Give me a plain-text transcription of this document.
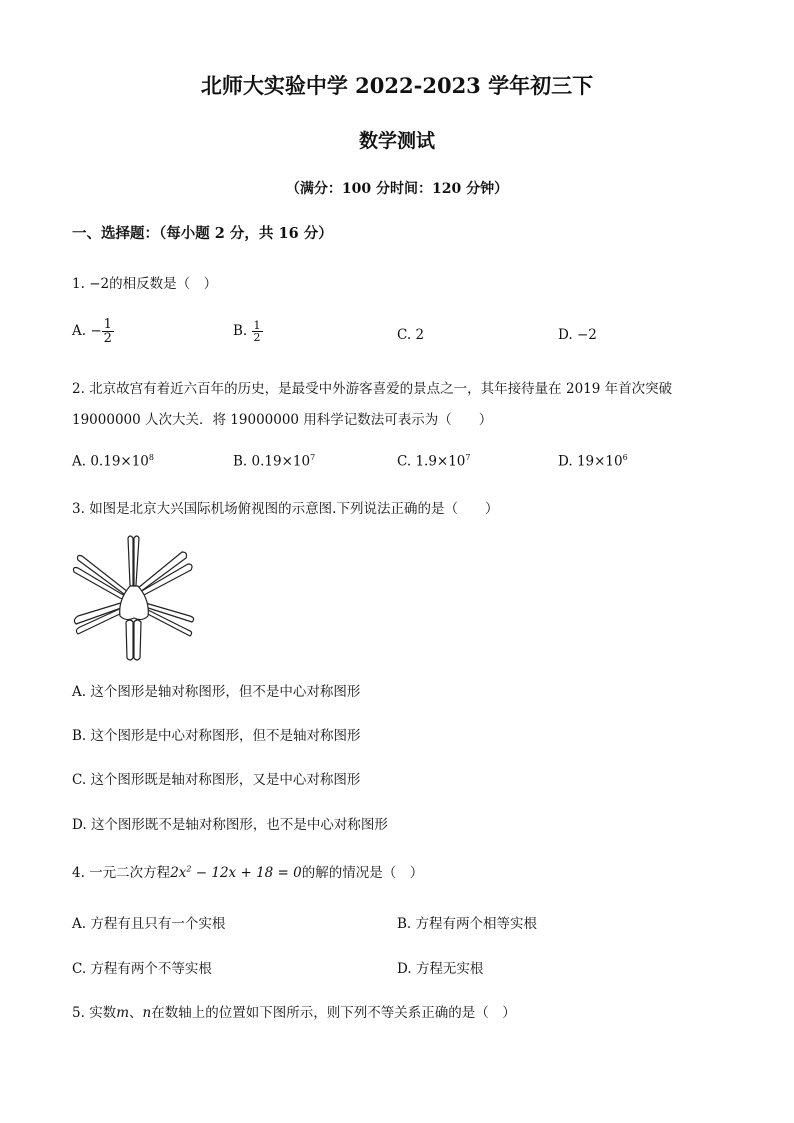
北师大实验中学 2022-2023 学年初三下
数学测试
（满分：100 分时间：120 分钟）
一、选择题：（每小题 2 分，共 16 分）
1. −2的相反数是（　）
A. − $\frac{1}{2}$	B. $\frac{1}{2}$	C. 2	D. −2
2. 北京故宫有着近六百年的历史，是最受中外游客喜爱的景点之一，其年接待量在 2019 年首次突破
19000000 人次大关．将 19000000 用科学记数法可表示为（　　）
A. $0.19\times 10^8$	B. $0.19\times 10^7$	C. $1.9\times 10^7$	D. $19\times 10^6$
3. 如图是北京大兴国际机场俯视图的示意图.下列说法正确的是（　　）
A. 这个图形是轴对称图形，但不是中心对称图形
B. 这个图形是中心对称图形，但不是轴对称图形
C. 这个图形既是轴对称图形，又是中心对称图形
D. 这个图形既不是轴对称图形，也不是中心对称图形
4. 一元二次方程$2x^2 - 12x + 18 = 0$的解的情况是（　）
A. 方程有且只有一个实根	B. 方程有两个相等实根
C. 方程有两个不等实根	D. 方程无实根
5. 实数m、n在数轴上的位置如下图所示，则下列不等关系正确的是（　）
